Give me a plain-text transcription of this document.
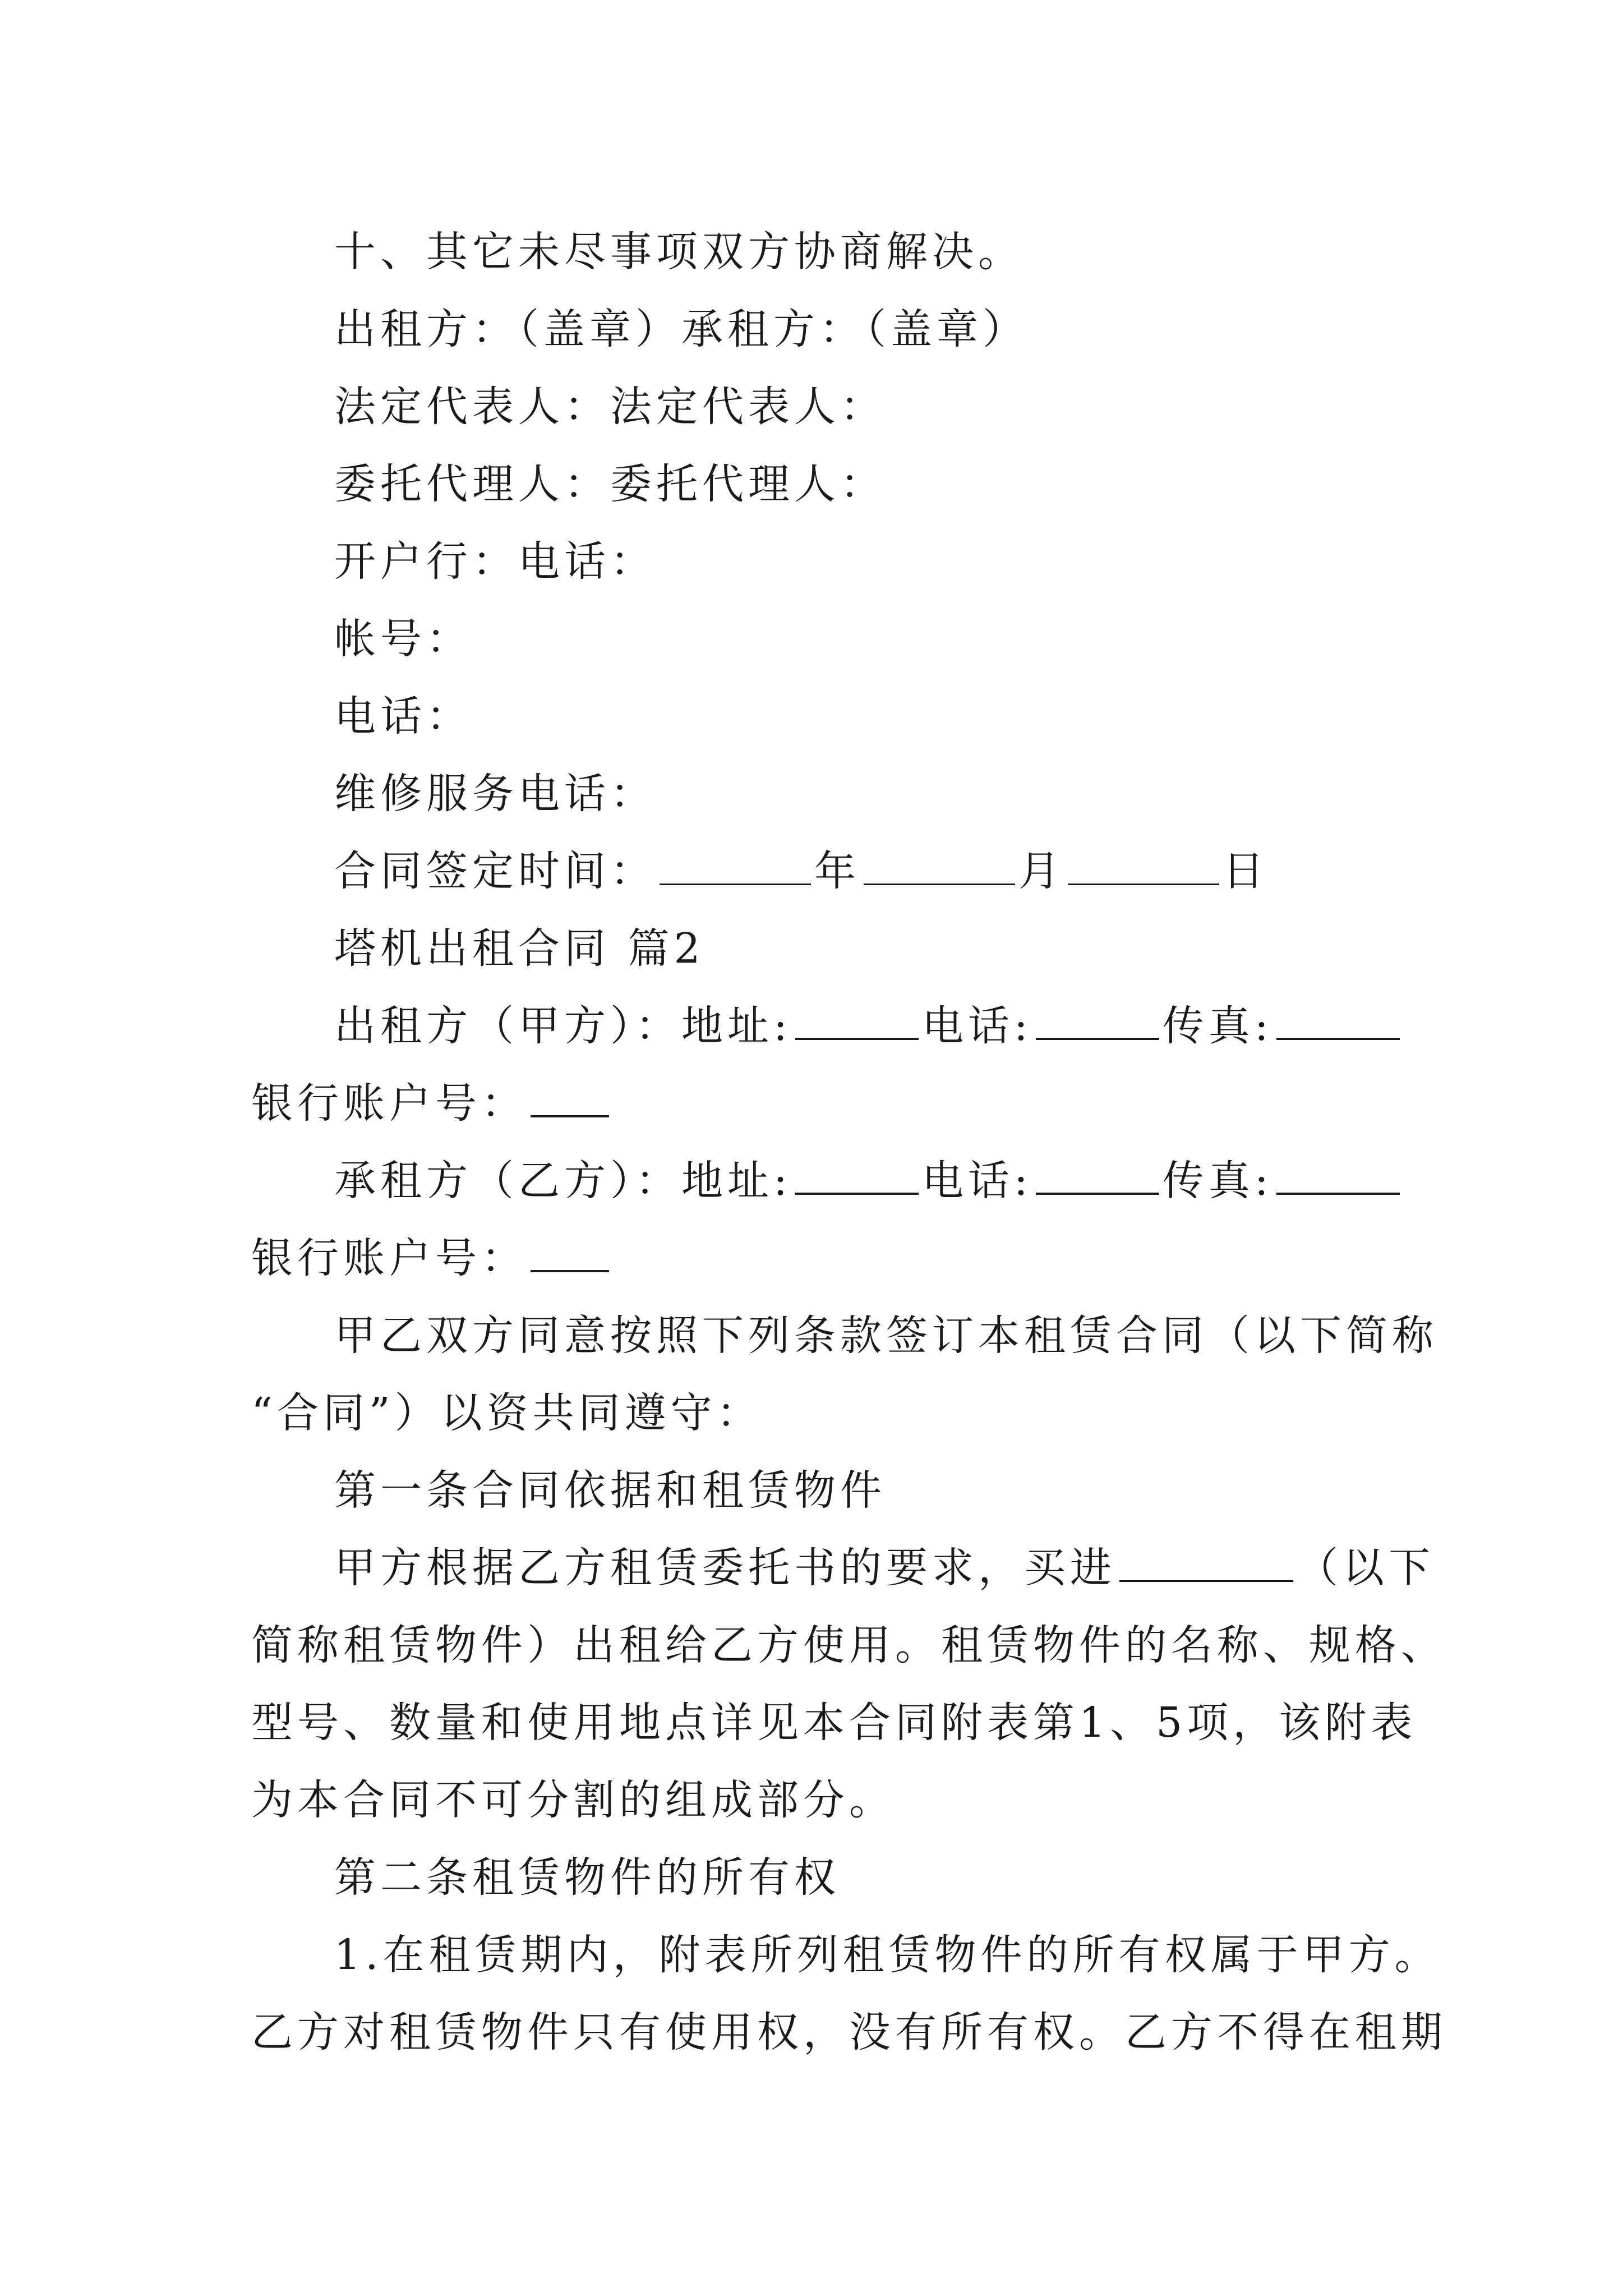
十、其它未尽事项双方协商解决。
出租方：（盖章）承租方：（盖章）
法定代表人：法定代表人：
委托代理人：委托代理人：
开户行：电话：
帐号：
电话：
维修服务电话：
合同签定时间：	年	月	日
塔机出租合同 篇2
出租方（甲方）：地址:	电话:	传真:
银行账户号：
承租方（乙方）：地址:	电话:	传真:
银行账户号：
甲乙双方同意按照下列条款签订本租赁合同（以下简称
“合同”）以资共同遵守：
第一条合同依据和租赁物件
甲方根据乙方租赁委托书的要求，买进	（以下
简称租赁物件）出租给乙方使用。租赁物件的名称、规格、
型号、数量和使用地点详见本合同附表第1、5项，该附表
为本合同不可分割的组成部分。
第二条租赁物件的所有权
1.在租赁期内，附表所列租赁物件的所有权属于甲方。
乙方对租赁物件只有使用权，没有所有权。乙方不得在租期
